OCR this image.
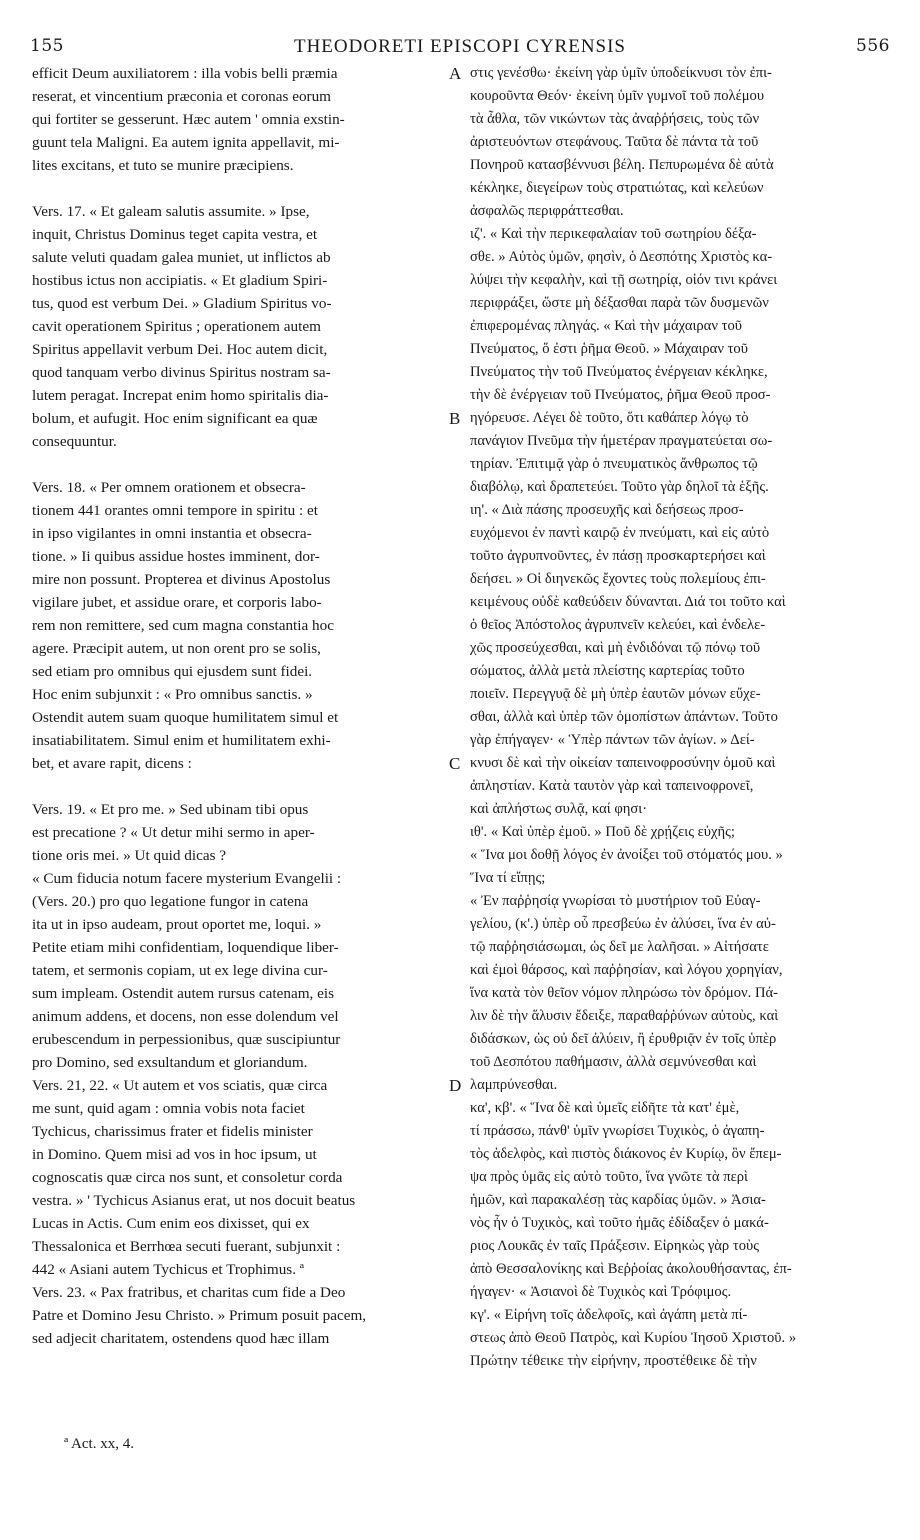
155	THEODORETI EPISCOPI CYRENSIS	556
efficit Deum auxiliatorem : illa vobis belli præmia
reserat, et vincentium præconia et coronas eorum
qui fortiter se gesserunt. Hæc autem ' omnia exstin-
guunt tela Maligni. Ea autem ignita appellavit, mi-
lites excitans, et tuto se munire præcipiens.
Vers. 17. « Et galeam salutis assumite. » Ipse,
inquit, Christus Dominus teget capita vestra, et
salute veluti quadam galea muniet, ut inflictos ab
hostibus ictus non accipiatis. « Et gladium Spiri-
tus, quod est verbum Dei. » Gladium Spiritus vo-
cavit operationem Spiritus ; operationem autem
Spiritus appellavit verbum Dei. Hoc autem dicit,
quod tanquam verbo divinus Spiritus nostram sa-
lutem peragat. Increpat enim homo spiritalis dia-
bolum, et aufugit. Hoc enim significant ea quæ
consequuntur.
Vers. 18. « Per omnem orationem et obsecra-
tionem 441 orantes omni tempore in spiritu : et
in ipso vigilantes in omni instantia et obsecra-
tione. » Ii quibus assidue hostes imminent, dor-
mire non possunt. Propterea et divinus Apostolus
vigilare jubet, et assidue orare, et corporis labo-
rem non remittere, sed cum magna constantia hoc
agere. Præcipit autem, ut non orent pro se solis,
sed etiam pro omnibus qui ejusdem sunt fidei.
Hoc enim subjunxit : « Pro omnibus sanctis. »
Ostendit autem suam quoque humilitatem simul et
insatiabilitatem. Simul enim et humilitatem exhi-
bet, et avare rapit, dicens :
Vers. 19. « Et pro me. » Sed ubinam tibi opus
est precatione ? « Ut detur mihi sermo in aper-
tione oris mei. » Ut quid dicas ?
« Cum fiducia notum facere mysterium Evangelii :
(Vers. 20.) pro quo legatione fungor in catena
ita ut in ipso audeam, prout oportet me, loqui. »
Petite etiam mihi confidentiam, loquendique liber-
tatem, et sermonis copiam, ut ex lege divina cur-
sum impleam. Ostendit autem rursus catenam, eis
animum addens, et docens, non esse dolendum vel
erubescendum in perpessionibus, quæ suscipiuntur
pro Domino, sed exsultandum et gloriandum.
Vers. 21, 22. « Ut autem et vos sciatis, quæ circa
me sunt, quid agam : omnia vobis nota faciet
Tychicus, charissimus frater et fidelis minister
in Domino. Quem misi ad vos in hoc ipsum, ut
cognoscatis quæ circa nos sunt, et consoletur corda
vestra. » ' Tychicus Asianus erat, ut nos docuit beatus
Lucas in Actis. Cum enim eos dixisset, qui ex
Thessalonica et Berrhœa secuti fuerant, subjunxit :
442 « Asiani autem Tychicus et Trophimus. ª
Vers. 23. « Pax fratribus, et charitas cum fide a Deo
Patre et Domino Jesu Christo. » Primum posuit pacem,
sed adjecit charitatem, ostendens quod hæc illam
A
B
C
D
στις γενέσθω· ἐκείνη γὰρ ὑμῖν ὑποδείκνυσι τὸν ἐπι-
κουροῦντα Θεόν· ἐκείνη ὑμῖν γυμνοῖ τοῦ πολέμου
τὰ ἆθλα, τῶν νικώντων τὰς ἀναῤῥήσεις, τοὺς τῶν
ἀριστευόντων στεφάνους. Ταῦτα δὲ πάντα τὰ τοῦ
Πονηροῦ κατασβέννυσι βέλη. Πεπυρωμένα δὲ αὐτὰ
κέκληκε, διεγείρων τοὺς στρατιώτας, καὶ κελεύων
ἀσφαλῶς περιφράττεσθαι.
ιζ'. « Καὶ τὴν περικεφαλαίαν τοῦ σωτηρίου δέξα-
σθε. » Αὐτὸς ὑμῶν, φησὶν, ὁ Δεσπότης Χριστὸς κα-
λύψει τὴν κεφαλὴν, καὶ τῇ σωτηρίᾳ, οἱόν τινι κράνει
περιφράξει, ὥστε μὴ δέξασθαι παρὰ τῶν δυσμενῶν
ἐπιφερομένας πληγάς. « Καὶ τὴν μάχαιραν τοῦ
Πνεύματος, ὅ ἐστι ῥῆμα Θεοῦ. » Μάχαιραν τοῦ
Πνεύματος τὴν τοῦ Πνεύματος ἐνέργειαν κέκληκε,
τὴν δὲ ἐνέργειαν τοῦ Πνεύματος, ῥῆμα Θεοῦ προσ-
ηγόρευσε. Λέγει δὲ τοῦτο, ὅτι καθάπερ λόγῳ τὸ
πανάγιον Πνεῦμα τὴν ἡμετέραν πραγματεύεται σω-
τηρίαν. Ἐπιτιμᾷ γὰρ ὁ πνευματικὸς ἄνθρωπος τῷ
διαβόλῳ, καὶ δραπετεύει. Τοῦτο γὰρ δηλοῖ τὰ ἑξῆς.
ιη'. « Διὰ πάσης προσευχῆς καὶ δεήσεως προσ-
ευχόμενοι ἐν παντὶ καιρῷ ἐν πνεύματι, καὶ εἰς αὐτὸ
τοῦτο ἀγρυπνοῦντες, ἐν πάσῃ προσκαρτερήσει καὶ
δεήσει. » Οἱ διηνεκῶς ἔχοντες τοὺς πολεμίους ἐπι-
κειμένους οὐδὲ καθεύδειν δύνανται. Διά τοι τοῦτο καὶ
ὁ θεῖος Ἀπόστολος ἀγρυπνεῖν κελεύει, καὶ ἐνδελε-
χῶς προσεύχεσθαι, καὶ μὴ ἐνδιδόναι τῷ πόνῳ τοῦ
σώματος, ἀλλὰ μετὰ πλείστης καρτερίας τοῦτο
ποιεῖν. Περεγγυᾷ δὲ μὴ ὑπὲρ ἑαυτῶν μόνων εὔχε-
σθαι, ἀλλὰ καὶ ὑπὲρ τῶν ὁμοπίστων ἁπάντων. Τοῦτο
γὰρ ἐπήγαγεν· « Ὑπὲρ πάντων τῶν ἁγίων. » Δεί-
κνυσι δὲ καὶ τὴν οἰκείαν ταπεινοφροσύνην ὁμοῦ καὶ
ἀπληστίαν. Κατὰ ταυτὸν γὰρ καὶ ταπεινοφρονεῖ,
καὶ ἀπλήστως συλᾷ, καί φησι·
ιθ'. « Καὶ ὑπὲρ ἐμοῦ. » Ποῦ δὲ χρῄζεις εὐχῆς;
« Ἵνα μοι δοθῇ λόγος ἐν ἀνοίξει τοῦ στόματός μου. »
Ἵνα τί εἴπῃς;
« Ἐν παῤῥησίᾳ γνωρίσαι τὸ μυστήριον τοῦ Εὐαγ-
γελίου, (κ'.) ὑπὲρ οὗ πρεσβεύω ἐν ἁλύσει, ἵνα ἐν αὐ-
τῷ παῤῥησιάσωμαι, ὡς δεῖ με λαλῆσαι. » Αἰτήσατε
καὶ ἐμοὶ θάρσος, καὶ παῤῥησίαν, καὶ λόγου χορηγίαν,
ἵνα κατὰ τὸν θεῖον νόμον πληρώσω τὸν δρόμον. Πά-
λιν δὲ τὴν ἅλυσιν ἔδειξε, παραθαῤῥύνων αὐτοὺς, καὶ
διδάσκων, ὡς οὐ δεῖ ἀλύειν, ἢ ἐρυθριᾷν ἐν τοῖς ὑπὲρ
τοῦ Δεσπότου παθήμασιν, ἀλλὰ σεμνύνεσθαι καὶ
λαμπρύνεσθαι.
κα', κβ'. « Ἵνα δὲ καὶ ὑμεῖς εἰδῆτε τὰ κατ' ἐμὲ,
τί πράσσω, πάνθ' ὑμῖν γνωρίσει Τυχικὸς, ὁ ἀγαπη-
τὸς ἀδελφὸς, καὶ πιστὸς διάκονος ἐν Κυρίῳ, ὃν ἔπεμ-
ψα πρὸς ὑμᾶς εἰς αὐτὸ τοῦτο, ἵνα γνῶτε τὰ περὶ
ἡμῶν, καὶ παρακαλέσῃ τὰς καρδίας ὑμῶν. » Ἀσια-
νὸς ἦν ὁ Τυχικὸς, καὶ τοῦτο ἡμᾶς ἐδίδαξεν ὁ μακά-
ριος Λουκᾶς ἐν ταῖς Πράξεσιν. Εἰρηκὼς γὰρ τοὺς
ἀπὸ Θεσσαλονίκης καὶ Βεῤῥοίας ἀκολουθήσαντας, ἐπ-
ήγαγεν· « Ἀσιανοὶ δὲ Τυχικὸς καὶ Τρόφιμος.
κγ'. « Εἰρήνη τοῖς ἀδελφοῖς, καὶ ἀγάπη μετὰ πί-
στεως ἀπὸ Θεοῦ Πατρὸς, καὶ Κυρίου Ἰησοῦ Χριστοῦ. »
Πρώτην τέθεικε τὴν εἰρήνην, προστέθεικε δὲ τὴν
ª Act. xx, 4.
